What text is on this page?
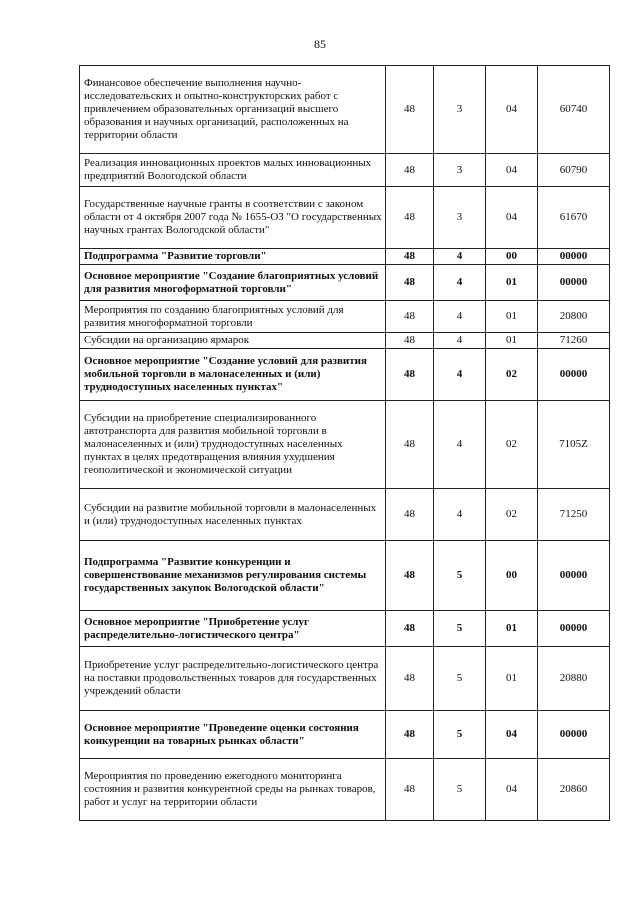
85
Финансовое обеспечение выполнения научно-исследовательских и опытно-конструкторских работ с привлечением образовательных организаций высшего образования и научных организаций, расположенных на территории области	48	3	04	60740
Реализация инновационных проектов малых инновационных предприятий Вологодской области	48	3	04	60790
Государственные научные гранты в соответствии с законом области от 4 октября 2007 года № 1655-ОЗ "О государственных научных грантах Вологодской области"	48	3	04	61670
Подпрограмма "Развитие торговли"	48	4	00	00000
Основное мероприятие "Создание благоприятных условий для развития многоформатной торговли"	48	4	01	00000
Мероприятия по созданию благоприятных условий для развития многоформатной торговли	48	4	01	20800
Субсидии на организацию ярмарок	48	4	01	71260
Основное мероприятие "Создание условий для развития мобильной торговли в малонаселенных и (или) труднодоступных населенных пунктах"	48	4	02	00000
Субсидии на приобретение специализированного автотранспорта для развития мобильной торговли в малонаселенных и (или) труднодоступных населенных пунктах в целях предотвращения влияния ухудшения геополитической и экономической ситуации	48	4	02	7105Z
Субсидии на развитие мобильной торговли в малонаселенных и (или) труднодоступных населенных пунктах	48	4	02	71250
Подпрограмма "Развитие конкуренции и совершенствование механизмов регулирования системы государственных закупок Вологодской области"	48	5	00	00000
Основное мероприятие "Приобретение услуг распределительно-логистического центра"	48	5	01	00000
Приобретение услуг распределительно-логистического центра на поставки продовольственных товаров для государственных учреждений области	48	5	01	20880
Основное мероприятие "Проведение оценки состояния конкуренции на товарных рынках области"	48	5	04	00000
Мероприятия по проведению ежегодного мониторинга состояния и развития конкурентной среды на рынках товаров, работ и услуг на территории области	48	5	04	20860
